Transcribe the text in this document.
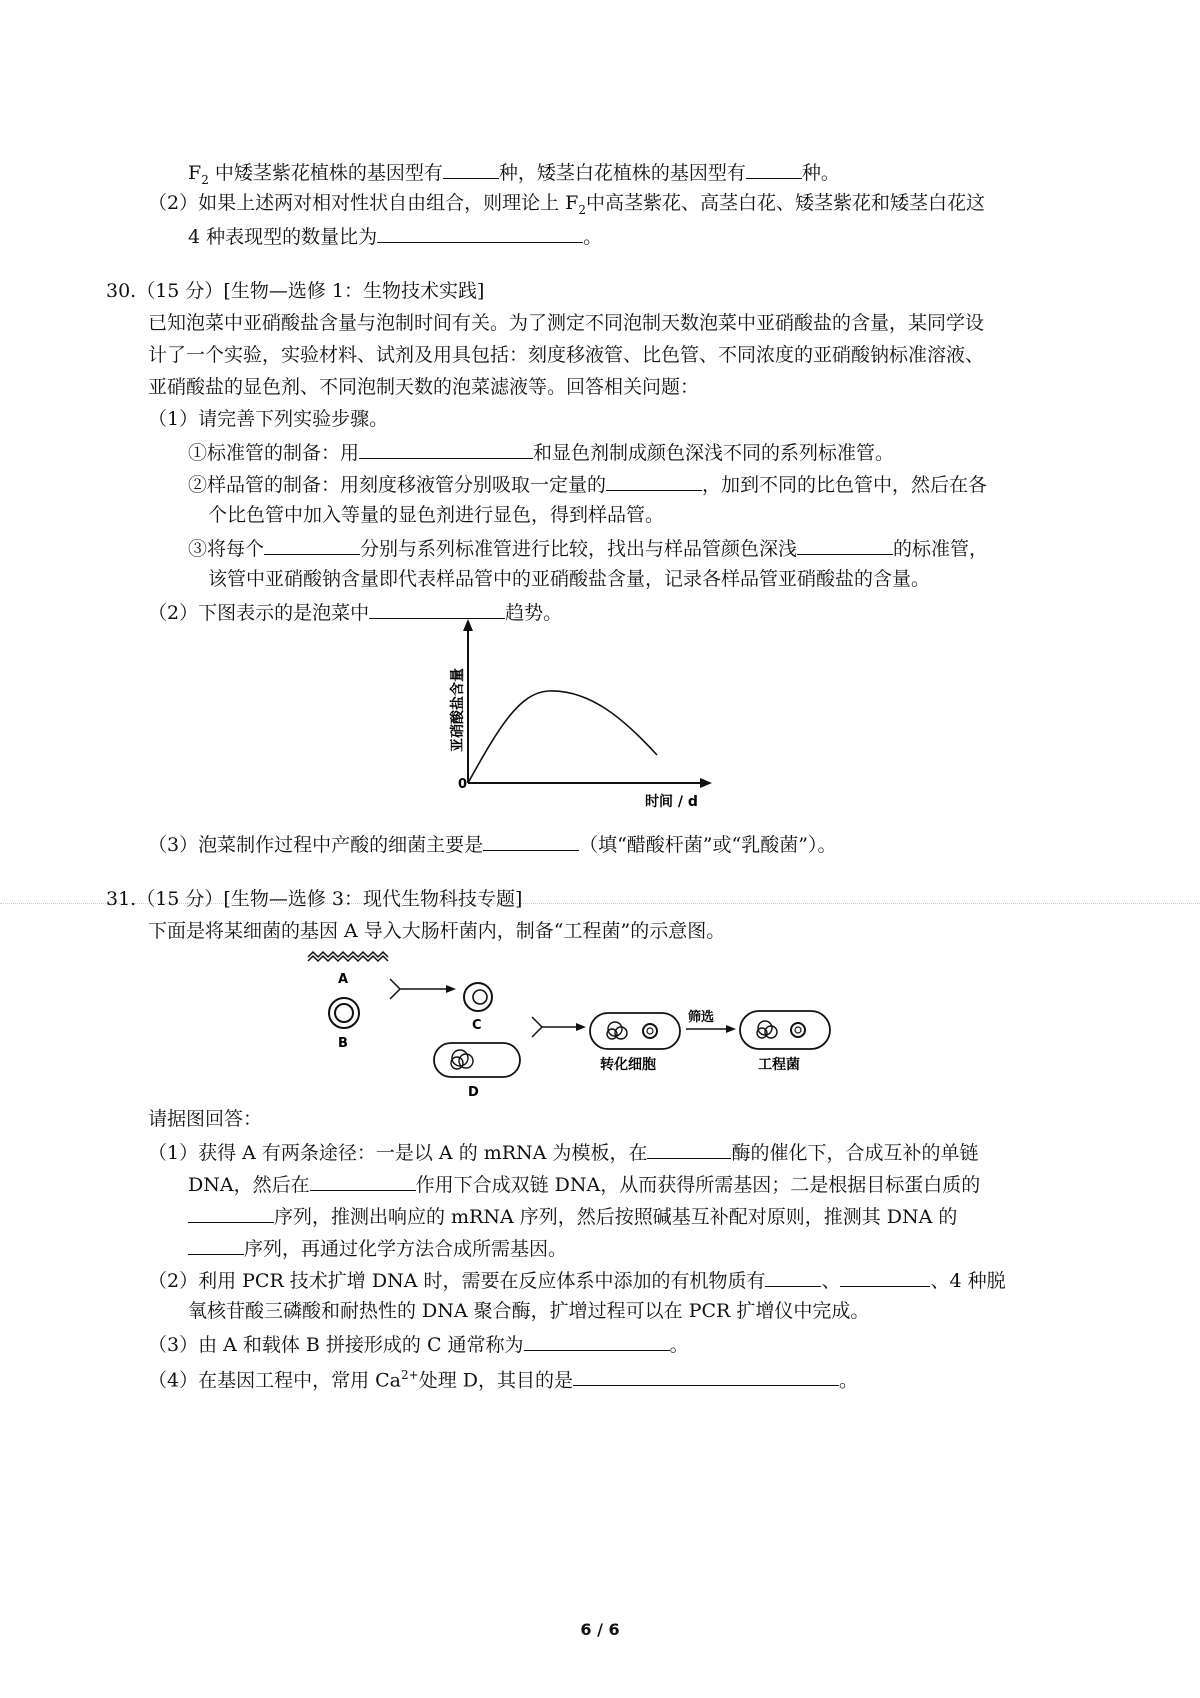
$F_2$ 中矮茎紫花植株的基因型有	种，矮茎白花植株的基因型有	种。
（2）如果上述两对相对性状自由组合，则理论上 $F_2$中高茎紫花、高茎白花、矮茎紫花和矮茎白花这
4 种表现型的数量比为	。
30.（15 分）[生物—选修 1：生物技术实践]
已知泡菜中亚硝酸盐含量与泡制时间有关。为了测定不同泡制天数泡菜中亚硝酸盐的含量，某同学设
计了一个实验，实验材料、试剂及用具包括：刻度移液管、比色管、不同浓度的亚硝酸钠标准溶液、
亚硝酸盐的显色剂、不同泡制天数的泡菜滤液等。回答相关问题：
（1）请完善下列实验步骤。
①标准管的制备：用	和显色剂制成颜色深浅不同的系列标准管。
②样品管的制备：用刻度移液管分别吸取一定量的	，加到不同的比色管中，然后在各
个比色管中加入等量的显色剂进行显色，得到样品管。
③将每个	分别与系列标准管进行比较，找出与样品管颜色深浅	的标准管，
该管中亚硝酸钠含量即代表样品管中的亚硝酸盐含量，记录各样品管亚硝酸盐的含量。
（2）下图表示的是泡菜中	趋势。
亚硝酸盐含量
0
时间 / d
（3）泡菜制作过程中产酸的细菌主要是	（填“醋酸杆菌”或“乳酸菌”）。
31.（15 分）[生物—选修 3：现代生物科技专题]
下面是将某细菌的基因 A 导入大肠杆菌内，制备“工程菌”的示意图。
A
B
C
D
转化细胞
筛选
工程菌
请据图回答：
（1）获得 A 有两条途径：一是以 A 的 mRNA 为模板，在	酶的催化下，合成互补的单链
DNA，然后在	作用下合成双链 DNA，从而获得所需基因；二是根据目标蛋白质的
序列，推测出响应的 mRNA 序列，然后按照碱基互补配对原则，推测其 DNA 的
序列，再通过化学方法合成所需基因。
（2）利用 PCR 技术扩增 DNA 时，需要在反应体系中添加的有机物质有	、	、4 种脱
氧核苷酸三磷酸和耐热性的 DNA 聚合酶，扩增过程可以在 PCR 扩增仪中完成。
（3）由 A 和载体 B 拼接形成的 C 通常称为	。
（4）在基因工程中，常用 $Ca^{2+}$处理 D，其目的是	。
6 / 6
